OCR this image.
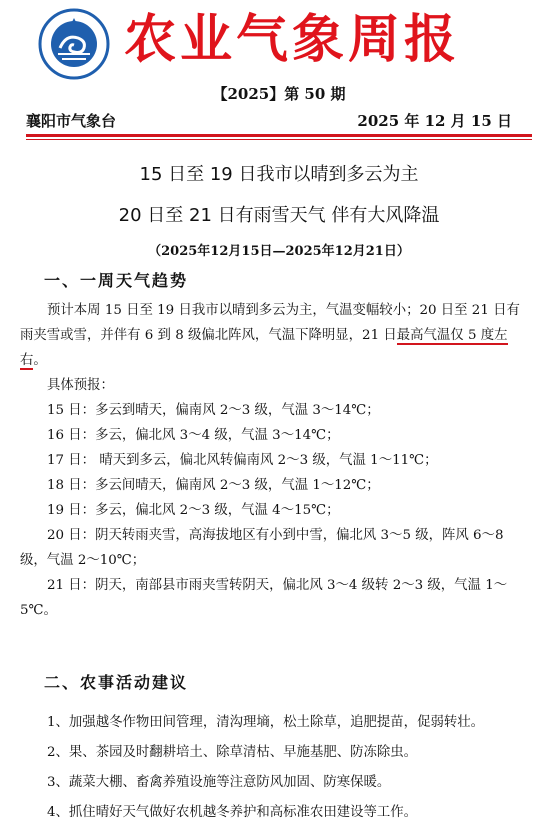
农业气象周报
【2025】第 50 期
襄阳市气象台	2025 年 12 月 15 日
15 日至 19 日我市以晴到多云为主
20 日至 21 日有雨雪天气 伴有大风降温
（2025年12月15日—2025年12月21日）
一、一周天气趋势

预计本周 15 日至 19 日我市以晴到多云为主，气温变幅较小；20 日至 21 日有雨夹雪或雪，并伴有 6 到 8 级偏北阵风，气温下降明显，21 日最高气温仅 5 度左右。

具体预报：

15 日：多云到晴天，偏南风 2～3 级，气温 3～14℃；

16 日：多云，偏北风 3～4 级，气温 3～14℃；

17 日： 晴天到多云，偏北风转偏南风 2～3 级，气温 1～11℃；

18 日：多云间晴天，偏南风 2～3 级，气温 1～12℃；

19 日：多云，偏北风 2～3 级，气温 4～15℃；

20 日：阴天转雨夹雪，高海拔地区有小到中雪，偏北风 3～5 级，阵风 6～8 级，气温 2～10℃；

21 日：阴天，南部县市雨夹雪转阴天，偏北风 3～4 级转 2～3 级，气温 1～5℃。

二、农事活动建议

1、加强越冬作物田间管理，清沟理墒，松土除草，追肥提苗，促弱转壮。

2、果、茶园及时翻耕培土、除草清枯、早施基肥、防冻除虫。

3、蔬菜大棚、畜禽养殖设施等注意防风加固、防寒保暖。

4、抓住晴好天气做好农机越冬养护和高标准农田建设等工作。
